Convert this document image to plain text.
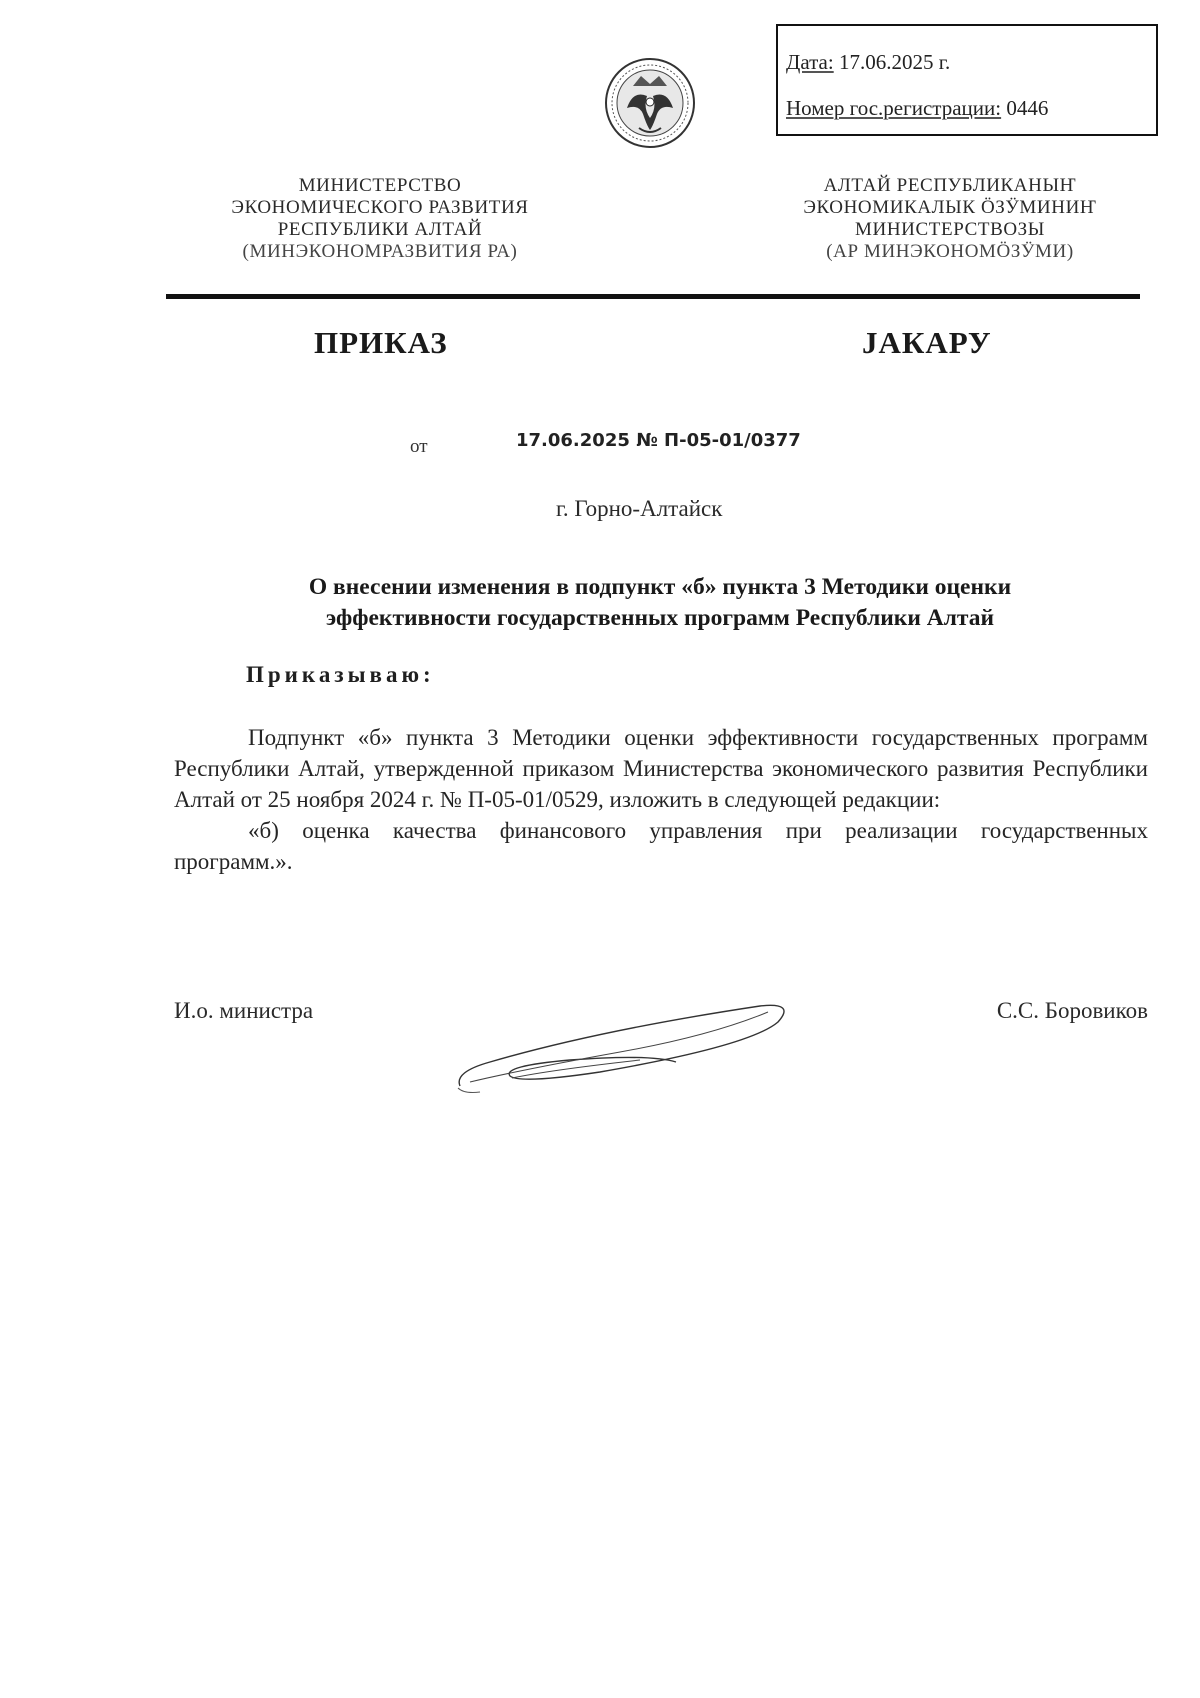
Дата: 17.06.2025 г.
Номер гос.регистрации: 0446
МИНИСТЕРСТВО
ЭКОНОМИЧЕСКОГО РАЗВИТИЯ
РЕСПУБЛИКИ АЛТАЙ
(МИНЭКОНОМРАЗВИТИЯ РА)
АЛТАЙ РЕСПУБЛИКАНЫҤ
ЭКОНОМИКАЛЫК ÖЗӰМИНИҤ
МИНИСТЕРСТВОЗЫ
(АР МИНЭКОНОМÖЗӰМИ)
ПРИКАЗ	JАКАРУ
от	17.06.2025 № П-05-01/0377
г. Горно-Алтайск
О внесении изменения в подпункт «б» пункта 3 Методики оценки
эффективности государственных программ Республики Алтай
Приказываю:

Подпункт «б» пункта 3 Методики оценки эффективности государственных программ Республики Алтай, утвержденной приказом Министерства экономического развития Республики Алтай от 25 ноября 2024 г. № П-05-01/0529, изложить в следующей редакции:

«б) оценка качества финансового управления при реализации государственных программ.».

И.о. министра	С.С. Боровиков
